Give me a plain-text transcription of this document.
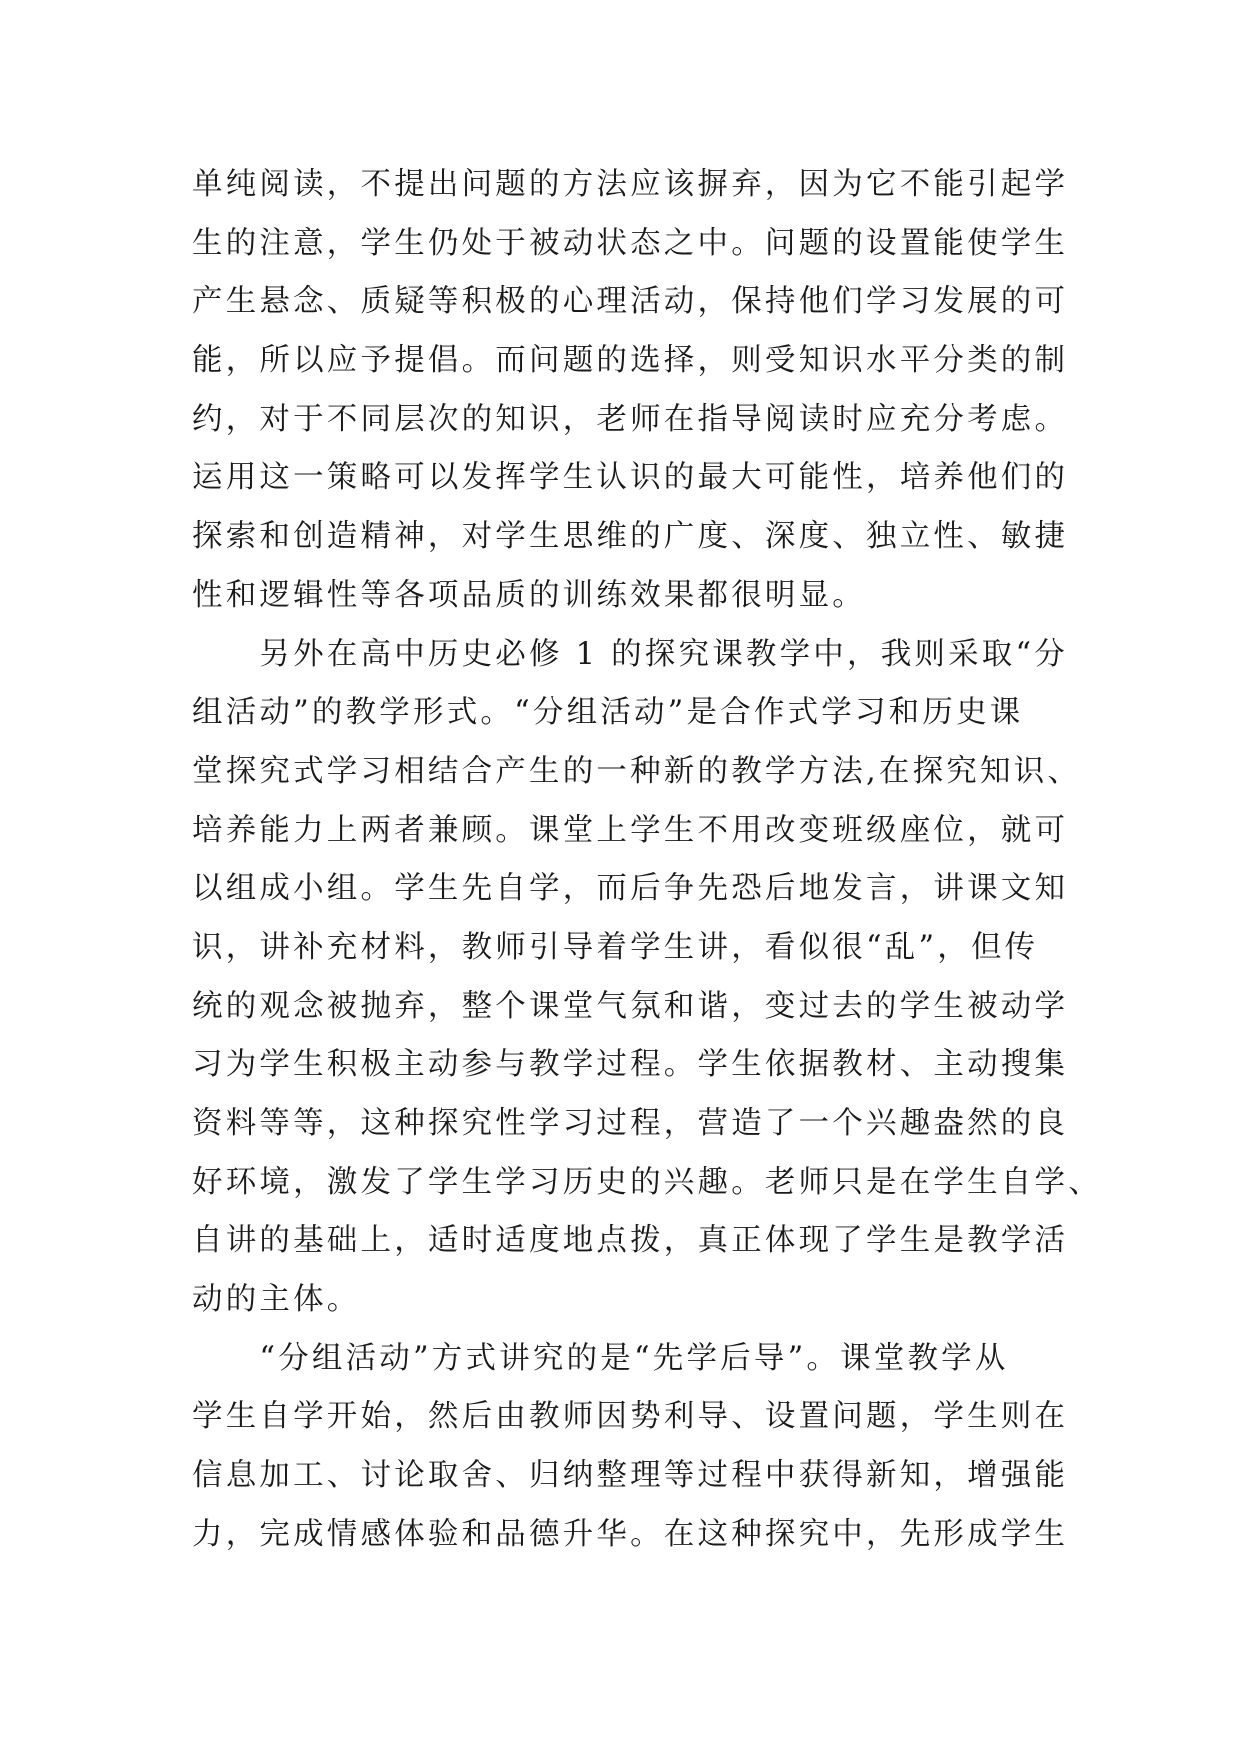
单纯阅读，不提出问题的方法应该摒弃，因为它不能引起学
生的注意，学生仍处于被动状态之中。问题的设置能使学生
产生悬念、质疑等积极的心理活动，保持他们学习发展的可
能，所以应予提倡。而问题的选择，则受知识水平分类的制
约，对于不同层次的知识，老师在指导阅读时应充分考虑。
运用这一策略可以发挥学生认识的最大可能性，培养他们的
探索和创造精神，对学生思维的广度、深度、独立性、敏捷
性和逻辑性等各项品质的训练效果都很明显。
　　另外在高中历史必修 1 的探究课教学中，我则采取“分
组活动”的教学形式。“分组活动”是合作式学习和历史课
堂探究式学习相结合产生的一种新的教学方法,在探究知识、
培养能力上两者兼顾。课堂上学生不用改变班级座位，就可
以组成小组。学生先自学，而后争先恐后地发言，讲课文知
识，讲补充材料，教师引导着学生讲，看似很“乱”，但传
统的观念被抛弃，整个课堂气氛和谐，变过去的学生被动学
习为学生积极主动参与教学过程。学生依据教材、主动搜集
资料等等，这种探究性学习过程，营造了一个兴趣盎然的良
好环境，激发了学生学习历史的兴趣。老师只是在学生自学、
自讲的基础上，适时适度地点拨，真正体现了学生是教学活
动的主体。
　　“分组活动”方式讲究的是“先学后导”。课堂教学从
学生自学开始，然后由教师因势利导、设置问题，学生则在
信息加工、讨论取舍、归纳整理等过程中获得新知，增强能
力，完成情感体验和品德升华。在这种探究中，先形成学生
